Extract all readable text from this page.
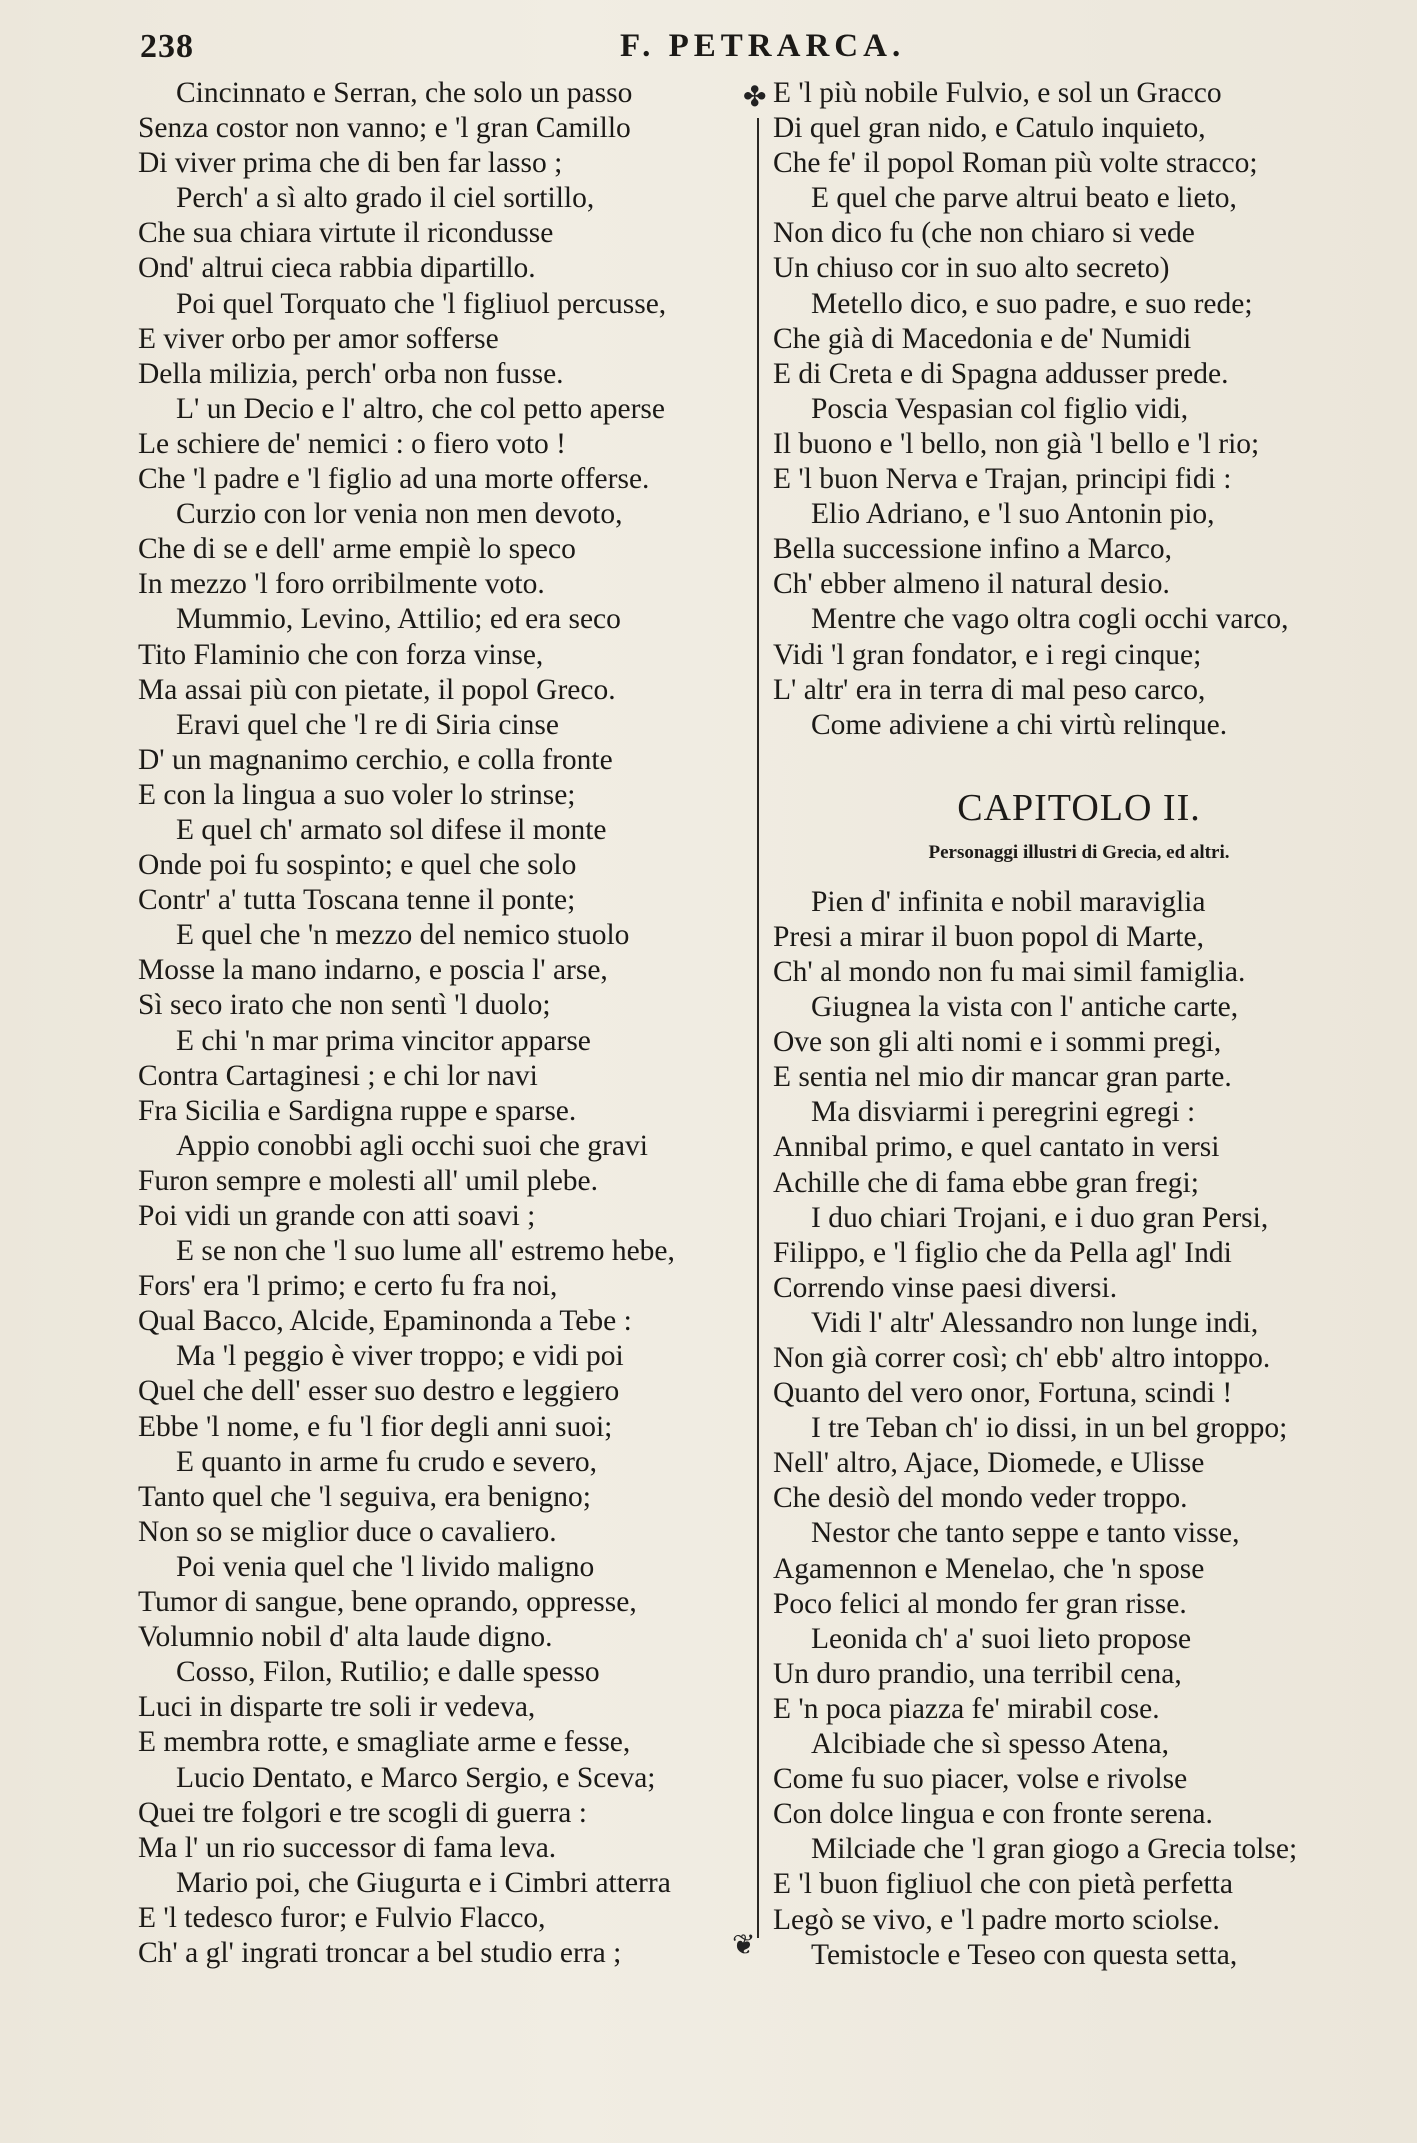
238	F. PETRARCA.
✤
❦
Cincinnato e Serran, che solo un passo
Senza costor non vanno; e 'l gran Camillo
Di viver prima che di ben far lasso ;
Perch' a sì alto grado il ciel sortillo,
Che sua chiara virtute il ricondusse
Ond' altrui cieca rabbia dipartillo.
Poi quel Torquato che 'l figliuol percusse,
E viver orbo per amor sofferse
Della milizia, perch' orba non fusse.
L' un Decio e l' altro, che col petto aperse
Le schiere de' nemici : o fiero voto !
Che 'l padre e 'l figlio ad una morte offerse.
Curzio con lor venia non men devoto,
Che di se e dell' arme empiè lo speco
In mezzo 'l foro orribilmente voto.
Mummio, Levino, Attilio; ed era seco
Tito Flaminio che con forza vinse,
Ma assai più con pietate, il popol Greco.
Eravi quel che 'l re di Siria cinse
D' un magnanimo cerchio, e colla fronte
E con la lingua a suo voler lo strinse;
E quel ch' armato sol difese il monte
Onde poi fu sospinto; e quel che solo
Contr' a' tutta Toscana tenne il ponte;
E quel che 'n mezzo del nemico stuolo
Mosse la mano indarno, e poscia l' arse,
Sì seco irato che non sentì 'l duolo;
E chi 'n mar prima vincitor apparse
Contra Cartaginesi ; e chi lor navi
Fra Sicilia e Sardigna ruppe e sparse.
Appio conobbi agli occhi suoi che gravi
Furon sempre e molesti all' umil plebe.
Poi vidi un grande con atti soavi ;
E se non che 'l suo lume all' estremo hebe,
Fors' era 'l primo; e certo fu fra noi,
Qual Bacco, Alcide, Epaminonda a Tebe :
Ma 'l peggio è viver troppo; e vidi poi
Quel che dell' esser suo destro e leggiero
Ebbe 'l nome, e fu 'l fior degli anni suoi;
E quanto in arme fu crudo e severo,
Tanto quel che 'l seguiva, era benigno;
Non so se miglior duce o cavaliero.
Poi venia quel che 'l livido maligno
Tumor di sangue, bene oprando, oppresse,
Volumnio nobil d' alta laude digno.
Cosso, Filon, Rutilio; e dalle spesso
Luci in disparte tre soli ir vedeva,
E membra rotte, e smagliate arme e fesse,
Lucio Dentato, e Marco Sergio, e Sceva;
Quei tre folgori e tre scogli di guerra :
Ma l' un rio successor di fama leva.
Mario poi, che Giugurta e i Cimbri atterra
E 'l tedesco furor; e Fulvio Flacco,
Ch' a gl' ingrati troncar a bel studio erra ;
E 'l più nobile Fulvio, e sol un Gracco
Di quel gran nido, e Catulo inquieto,
Che fe' il popol Roman più volte stracco;
E quel che parve altrui beato e lieto,
Non dico fu (che non chiaro si vede
Un chiuso cor in suo alto secreto)
Metello dico, e suo padre, e suo rede;
Che già di Macedonia e de' Numidi
E di Creta e di Spagna addusser prede.
Poscia Vespasian col figlio vidi,
Il buono e 'l bello, non già 'l bello e 'l rio;
E 'l buon Nerva e Trajan, principi fidi :
Elio Adriano, e 'l suo Antonin pio,
Bella successione infino a Marco,
Ch' ebber almeno il natural desio.
Mentre che vago oltra cogli occhi varco,
Vidi 'l gran fondator, e i regi cinque;
L' altr' era in terra di mal peso carco,
Come adiviene a chi virtù relinque.
CAPITOLO II.
Personaggi illustri di Grecia, ed altri.
Pien d' infinita e nobil maraviglia
Presi a mirar il buon popol di Marte,
Ch' al mondo non fu mai simil famiglia.
Giugnea la vista con l' antiche carte,
Ove son gli alti nomi e i sommi pregi,
E sentia nel mio dir mancar gran parte.
Ma disviarmi i peregrini egregi :
Annibal primo, e quel cantato in versi
Achille che di fama ebbe gran fregi;
I duo chiari Trojani, e i duo gran Persi,
Filippo, e 'l figlio che da Pella agl' Indi
Correndo vinse paesi diversi.
Vidi l' altr' Alessandro non lunge indi,
Non già correr così; ch' ebb' altro intoppo.
Quanto del vero onor, Fortuna, scindi !
I tre Teban ch' io dissi, in un bel groppo;
Nell' altro, Ajace, Diomede, e Ulisse
Che desiò del mondo veder troppo.
Nestor che tanto seppe e tanto visse,
Agamennon e Menelao, che 'n spose
Poco felici al mondo fer gran risse.
Leonida ch' a' suoi lieto propose
Un duro prandio, una terribil cena,
E 'n poca piazza fe' mirabil cose.
Alcibiade che sì spesso Atena,
Come fu suo piacer, volse e rivolse
Con dolce lingua e con fronte serena.
Milciade che 'l gran giogo a Grecia tolse;
E 'l buon figliuol che con pietà perfetta
Legò se vivo, e 'l padre morto sciolse.
Temistocle e Teseo con questa setta,
